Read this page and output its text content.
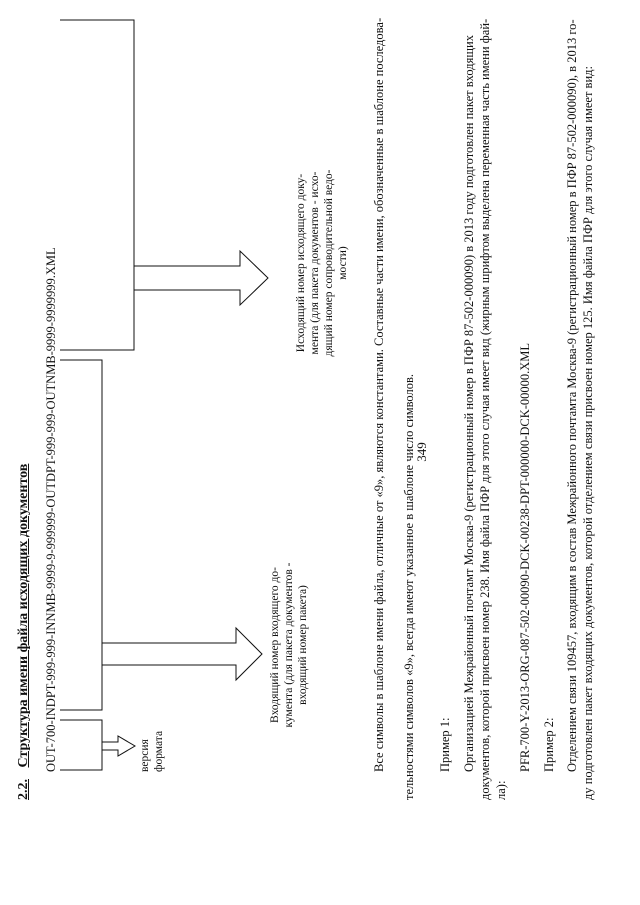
349
2.2. Структура имени файла исходящих документов OUT-700-INDPT-999-999-INNMB-9999-9-999999-OUTDPT-999-999-OUTNMB-9999-9999999.XML	версия формата
Входящий номер входящего до- кумента (для пакета документов - входящий номер пакета)
Исходящий номер исходящего доку- мента (для пакета документов - исхо- дящий номер сопроводительной ведо- мости) Все символы в шаблоне имени файла, отличные от «9», являются константами. Составные части имени, обозначенные в шаблоне последова- тельностями символов «9», всегда имеют указанное в шаблоне число символов. Пример 1: Организацией Межрайонный почтамт Москва-9 (регистрационный номер в ПФР 87-502-000090) в 2013 году подготовлен пакет входящих документов, которой присвоен номер 238. Имя файла ПФР для этого случая имеет вид (жирным шрифтом выделена переменная часть имени фай- ла):
PFR-700-Y-2013-ORG-087-502-00090-DCK-00238-DPT-000000-DCK-00000.XML Пример 2: Отделением связи 109457, входящим в состав Межрайонного почтамта Москва-9 (регистрационный номер в ПФР 87-502-000090), в 2013 го- ду подготовлен пакет входящих документов, которой отделением связи присвоен номер 125. Имя файла ПФР для этого случая имеет вид:
